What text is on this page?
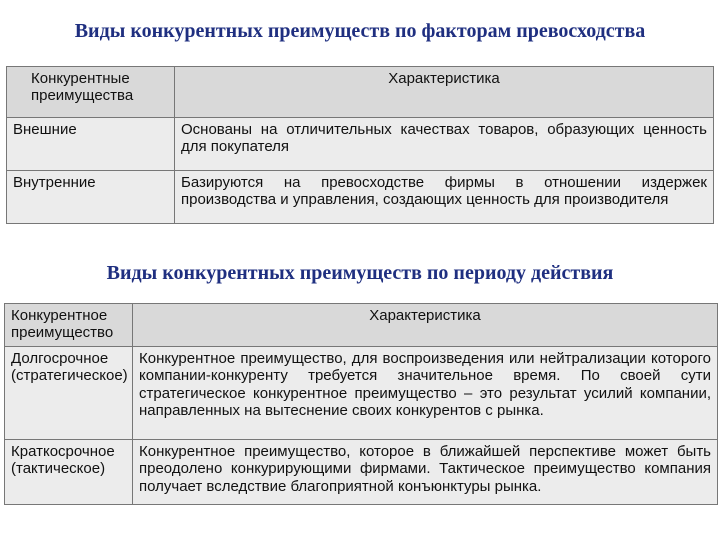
Виды конкурентных преимуществ по факторам превосходства
Конкурентные преимущества	Характеристика
Внешние	Основаны на отличительных качествах товаров, образующих ценность для покупателя
Внутренние	Базируются на превосходстве фирмы в отношении издержек производства и управления, создающих ценность для производителя
Виды конкурентных преимуществ по периоду действия
Конкурентное преимущество	Характеристика
Долгосрочное (стратегическое)	Конкурентное преимущество, для воспроизведения или нейтрализации которого компании-конкуренту требуется значительное время. По своей сути стратегическое конкурентное преимущество – это результат усилий компании, направленных на вытеснение своих конкурентов с рынка.
Краткосрочное (тактическое)	Конкурентное преимущество, которое в ближайшей перспективе может быть преодолено конкурирующими фирмами. Тактическое преимущество компания получает вследствие благоприятной конъюнктуры рынка.
